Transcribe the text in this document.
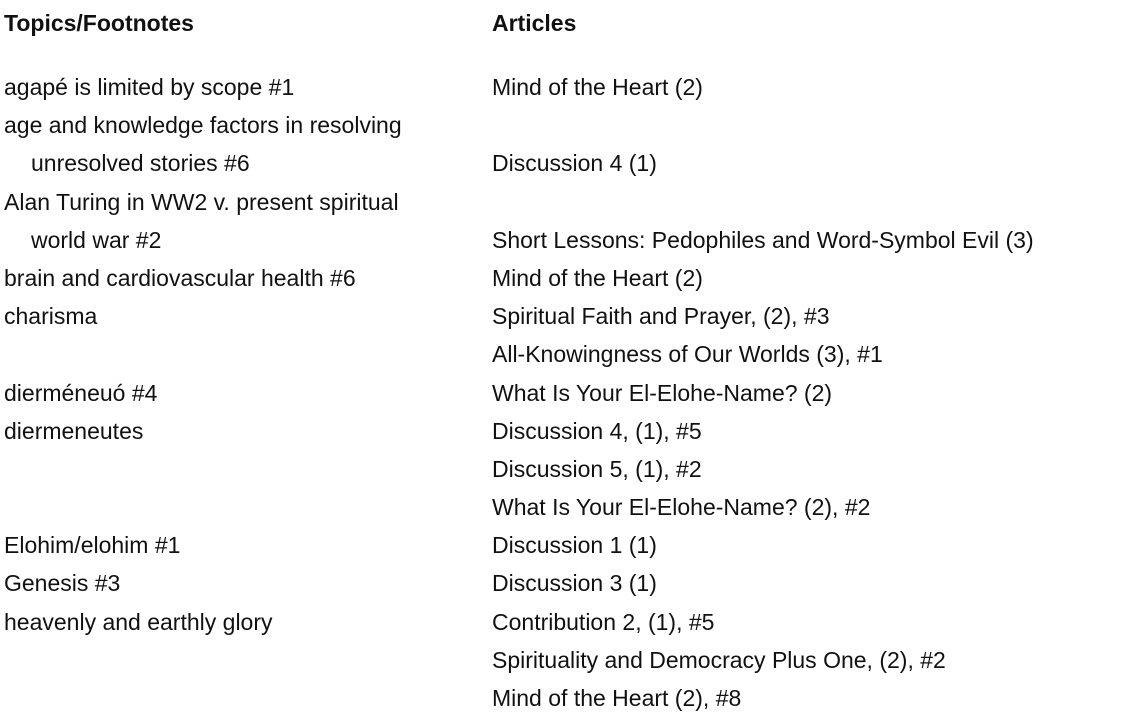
Topics/Footnotes
agapé is limited by scope #1
age and knowledge factors in resolving
unresolved stories #6
Alan Turing in WW2 v. present spiritual
world war #2
brain and cardiovascular health #6
charisma
dierméneuó #4
diermeneutes
Elohim/elohim #1
Genesis #3
heavenly and earthly glory
Articles
Mind of the Heart (2)
Discussion 4 (1)
Short Lessons: Pedophiles and Word-Symbol Evil (3)
Mind of the Heart (2)
Spiritual Faith and Prayer, (2), #3
All-Knowingness of Our Worlds (3), #1
What Is Your El-Elohe-Name? (2)
Discussion 4, (1), #5
Discussion 5, (1), #2
What Is Your El-Elohe-Name? (2), #2
Discussion 1 (1)
Discussion 3 (1)
Contribution 2, (1), #5
Spirituality and Democracy Plus One, (2), #2
Mind of the Heart (2), #8
